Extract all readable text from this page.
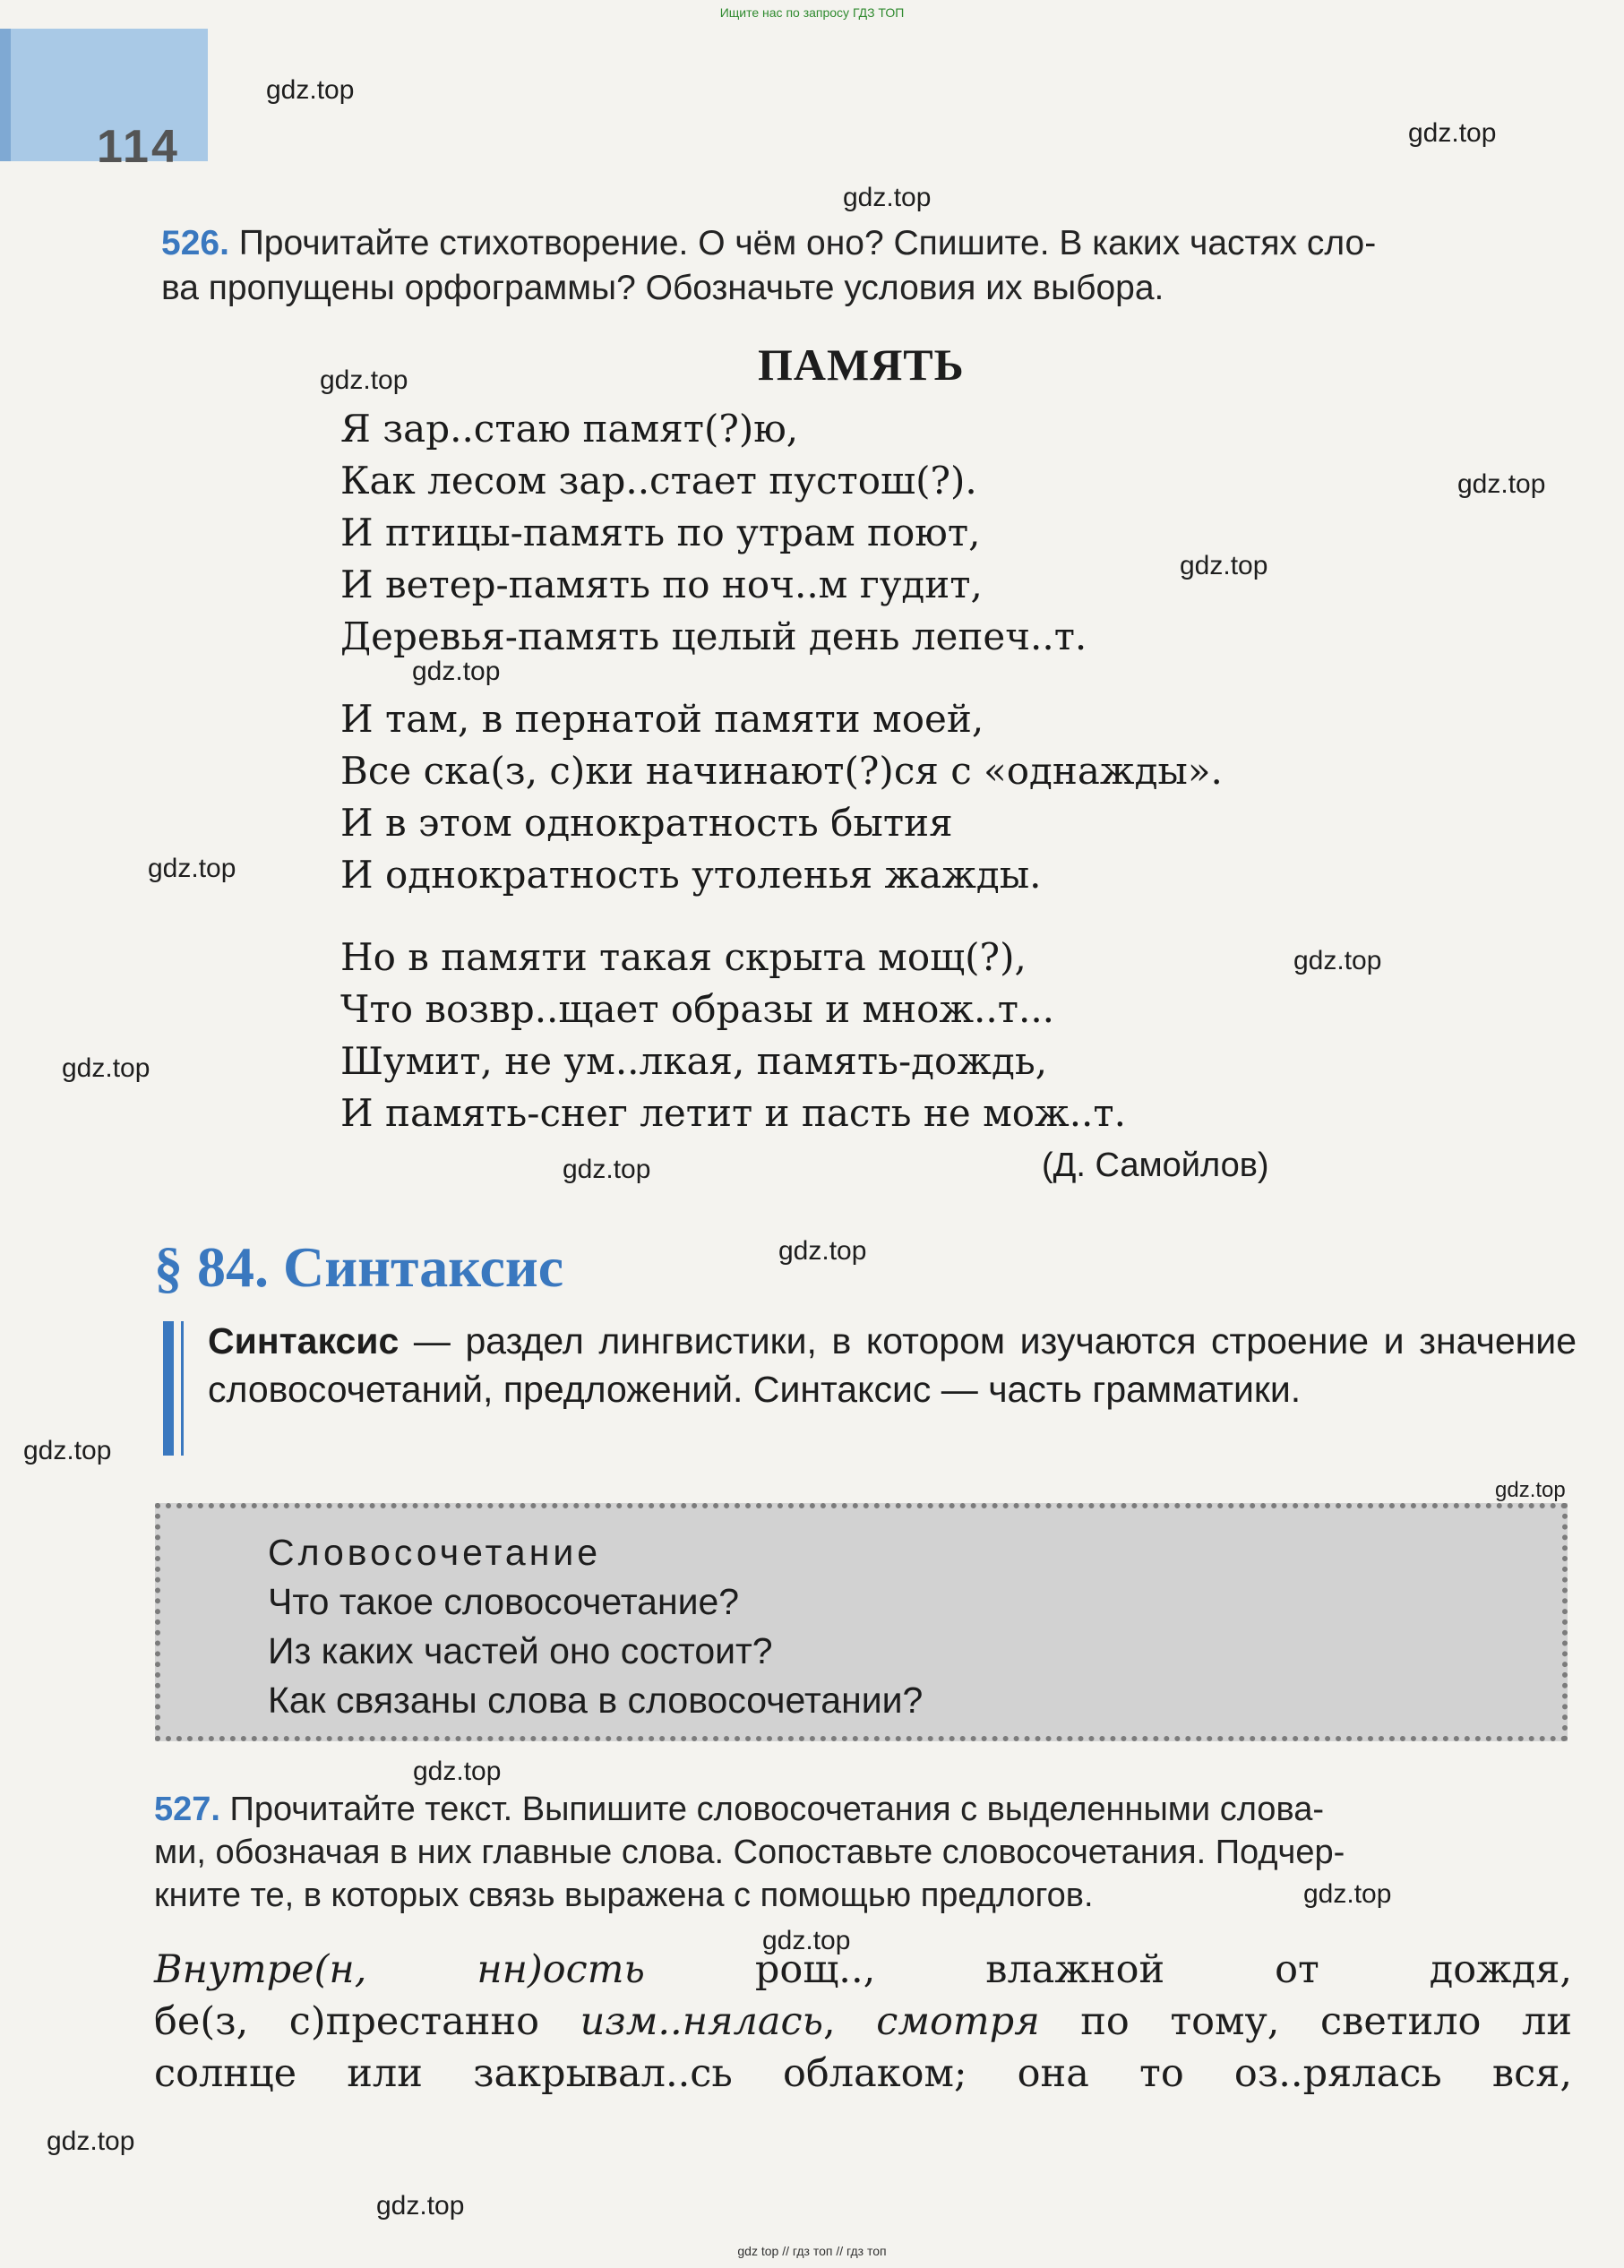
Ищите нас по запросу ГДЗ ТОП
114
gdz.top
gdz.top
gdz.top
gdz.top
gdz.top
gdz.top
gdz.top
gdz.top
gdz.top
gdz.top
gdz.top
gdz.top
gdz.top
gdz.top
gdz.top
gdz.top
gdz.top
gdz.top
gdz.top
526. Прочитайте стихотворение. О чём оно? Спишите. В каких частях сло-
ва пропущены орфограммы? Обозначьте условия их выбора.
ПАМЯТЬ
Я зар..стаю памят(?)ю,
Как лесом зар..стает пустош(?).
И птицы-память по утрам поют,
И ветер-память по ноч..м гудит,
Деревья-память целый день лепеч..т.
И там, в пернатой памяти моей,
Все ска(з, с)ки начинают(?)ся с «однажды».
И в этом однократность бытия
И однократность утоленья жажды.
Но в памяти такая скрыта мощ(?),
Что возвр..щает образы и множ..т...
Шумит, не ум..лкая, память-дождь,
И память-снег летит и пасть не мож..т.
(Д. Самойлов)
§ 84. Синтаксис
Синтаксис — раздел лингвистики, в котором изучаются строение и значение словосочетаний, предложений. Синтаксис — часть грамматики.
Словосочетание
Что такое словосочетание?
Из каких частей оно состоит?
Как связаны слова в словосочетании?
527. Прочитайте текст. Выпишите словосочетания с выделенными слова-
ми, обозначая в них главные слова. Сопоставьте словосочетания. Подчер-
кните те, в которых связь выражена с помощью предлогов.
Внутре(н, нн)ость рощ.., влажной от дождя,
бе(з, с)престанно изм..нялась, смотря по тому, светило ли
солнце или закрывал..сь облаком; она то оз..рялась вся,
gdz top // гдз топ // гдз топ
